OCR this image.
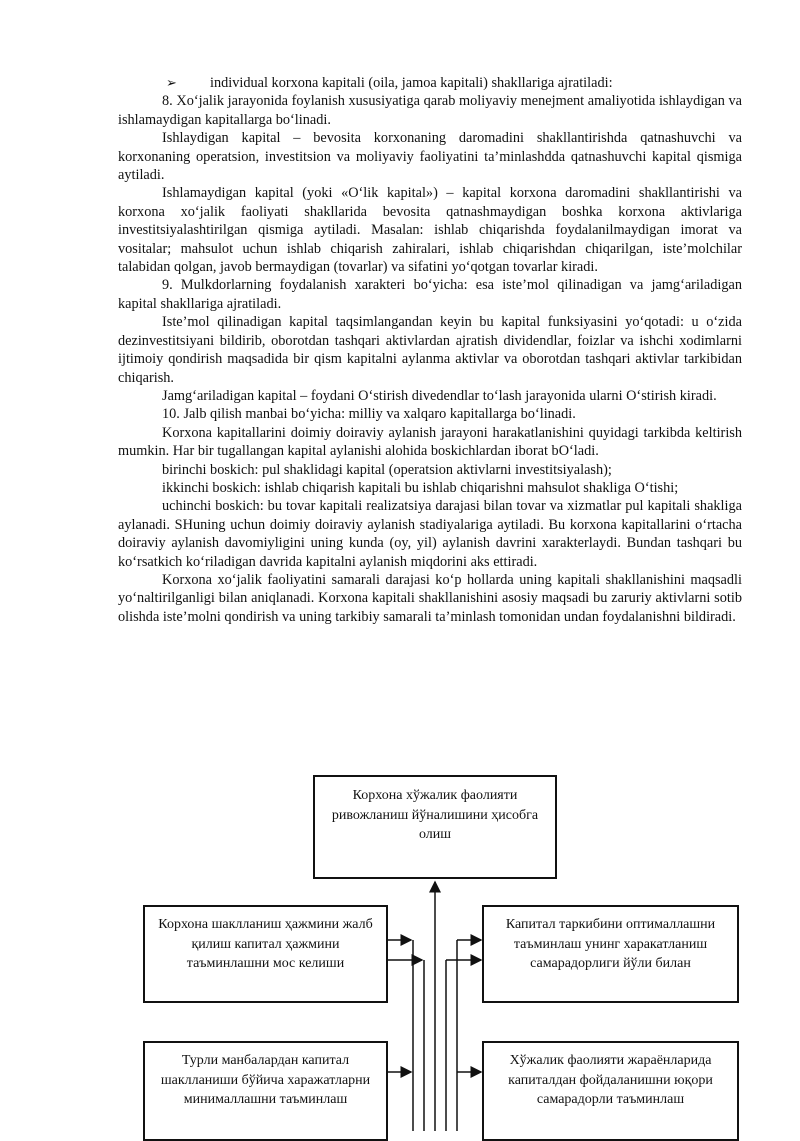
➢ individual korxona kapitali (oila, jamoa kapitali) shakllariga ajratiladi:

8. Xo‘jalik jarayonida foylanish xususiyatiga qarab moliyaviy menejment amaliyotida ishlaydigan va ishlamaydigan kapitallarga bo‘linadi.

Ishlaydigan kapital – bevosita korxonaning daromadini shakllantirishda qatnashuvchi va korxonaning operatsion, investitsion va moliyaviy faoliyatini ta’minlashdda qatnashuvchi kapital qismiga aytiladi.

Ishlamaydigan kapital (yoki «O‘lik kapital») – kapital korxona daromadini shakllantirishi va korxona xo‘jalik faoliyati shakllarida bevosita qatnashmaydigan boshka korxona aktivlariga investitsiyalashtirilgan qismiga aytiladi. Masalan: ishlab chiqarishda foydalanilmaydigan imorat va vositalar; mahsulot uchun ishlab chiqarish zahiralari, ishlab chiqarishdan chiqarilgan, iste’molchilar talabidan qolgan, javob bermaydigan (tovarlar) va sifatini yo‘qotgan tovarlar kiradi.

9. Mulkdorlarning foydalanish xarakteri bo‘yicha: esa iste’mol qilinadigan va jamg‘ariladigan kapital shakllariga ajratiladi.

Iste’mol qilinadigan kapital taqsimlangandan keyin bu kapital funksiyasini yo‘qotadi: u o‘zida dezinvestitsiyani bildirib, oborotdan tashqari aktivlardan ajratish dividendlar, foizlar va ishchi xodimlarni ijtimoiy qondirish maqsadida bir qism kapitalni aylanma aktivlar va oborotdan tashqari aktivlar tarkibidan chiqarish.

Jamg‘ariladigan kapital – foydani O‘stirish divedendlar to‘lash jarayonida ularni O‘stirish kiradi.

10. Jalb qilish manbai bo‘yicha: milliy va xalqaro kapitallarga bo‘linadi.

Korxona kapitallarini doimiy doiraviy aylanish jarayoni harakatlanishini quyidagi tarkibda keltirish mumkin. Har bir tugallangan kapital aylanishi alohida boskichlardan iborat bO‘ladi.

birinchi boskich: pul shaklidagi kapital (operatsion aktivlarni investitsiyalash);

ikkinchi boskich: ishlab chiqarish kapitali bu ishlab chiqarishni mahsulot shakliga O‘tishi;

uchinchi boskich: bu tovar kapitali realizatsiya darajasi bilan tovar va xizmatlar pul kapitali shakliga aylanadi. SHuning uchun doimiy doiraviy aylanish stadiyalariga aytiladi. Bu korxona kapitallarini o‘rtacha doiraviy aylanish davomiyligini uning kunda (oy, yil) aylanish davrini xarakterlaydi. Bundan tashqari bu ko‘rsatkich ko‘riladigan davrida kapitalni aylanish miqdorini aks ettiradi.

Korxona xo‘jalik faoliyatini samarali darajasi ko‘p hollarda uning kapitali shakllanishini maqsadli yo‘naltirilganligi bilan aniqlanadi. Korxona kapitali shakllanishini asosiy maqsadi bu zaruriy aktivlarni sotib olishda iste’molni qondirish va uning tarkibiy samarali ta’minlash tomonidan undan foydalanishni bildiradi.

Корхона хўжалик фаолияти ривожланиш йўналишини ҳисобга олиш
Корхона шаклланиш ҳажмини жалб қилиш капитал ҳажмини таъминлашни мос келиши
Капитал таркибини оптималлашни таъминлаш унинг харакатланиш самарадорлиги йўли билан
Турли манбалардан капитал шаклланиши бўйича харажатларни минималлашни таъминлаш
Хўжалик фаолияти жараёнларида капиталдан фойдаланишни юқори самарадорли таъминлаш
